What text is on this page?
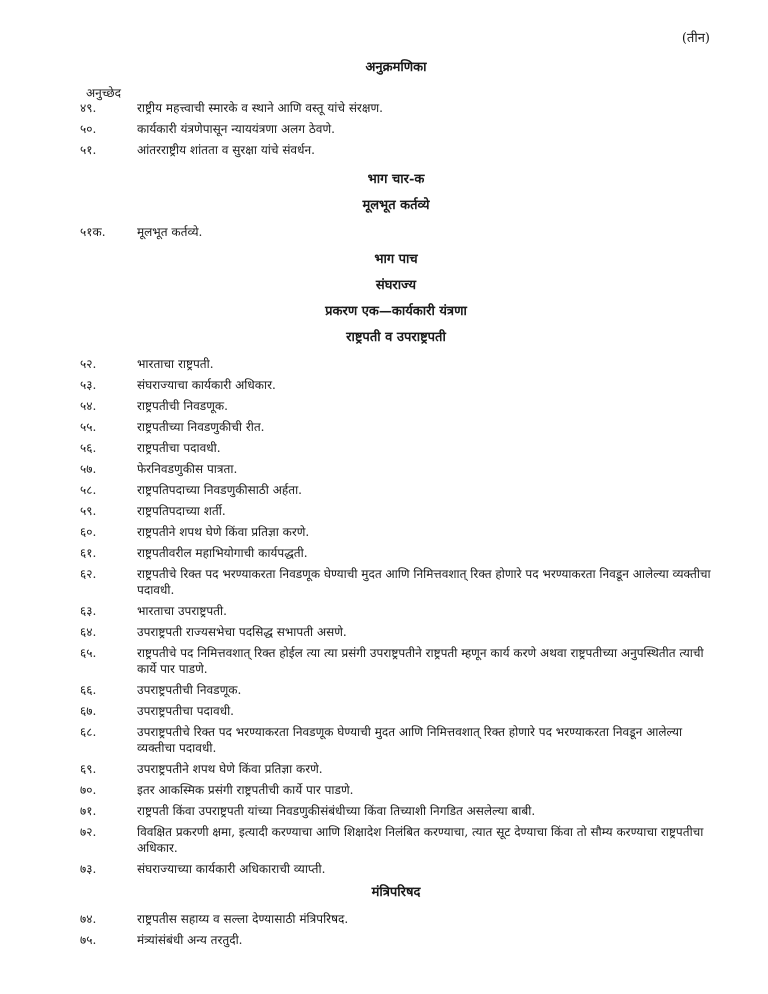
(तीन)

अनुक्रमणिका

अनुच्छेद
४९.	राष्ट्रीय महत्त्वाची स्मारके व स्थाने आणि वस्तू यांचे संरक्षण.
५०.	कार्यकारी यंत्रणेपासून न्याययंत्रणा अलग ठेवणे.
५१.	आंतरराष्ट्रीय शांतता व सुरक्षा यांचे संवर्धन.

भाग चार-क

मूलभूत कर्तव्ये

५१क.	मूलभूत कर्तव्ये.

भाग पाच

संघराज्य

प्रकरण एक—कार्यकारी यंत्रणा

राष्ट्रपती व उपराष्ट्रपती

५२.	भारताचा राष्ट्रपती.
५३.	संघराज्याचा कार्यकारी अधिकार.
५४.	राष्ट्रपतीची निवडणूक.
५५.	राष्ट्रपतीच्या निवडणुकीची रीत.
५६.	राष्ट्रपतीचा पदावधी.
५७.	फेरनिवडणुकीस पात्रता.
५८.	राष्ट्रपतिपदाच्या निवडणुकीसाठी अर्हता.
५९.	राष्ट्रपतिपदाच्या शर्ती.
६०.	राष्ट्रपतीने शपथ घेणे किंवा प्रतिज्ञा करणे.
६१.	राष्ट्रपतीवरील महाभियोगाची कार्यपद्धती.
६२.	राष्ट्रपतीचे रिक्त पद भरण्याकरता निवडणूक घेण्याची मुदत आणि निमित्तवशात् रिक्त होणारे पद भरण्याकरता निवडून आलेल्या व्यक्तीचा पदावधी.
६३.	भारताचा उपराष्ट्रपती.
६४.	उपराष्ट्रपती राज्यसभेचा पदसिद्ध सभापती असणे.
६५.	राष्ट्रपतीचे पद निमित्तवशात् रिक्त होईल त्या त्या प्रसंगी उपराष्ट्रपतीने राष्ट्रपती म्हणून कार्य करणे अथवा राष्ट्रपतीच्या अनुपस्थितीत त्याची कार्ये पार पाडणे.
६६.	उपराष्ट्रपतीची निवडणूक.
६७.	उपराष्ट्रपतीचा पदावधी.
६८.	उपराष्ट्रपतीचे रिक्त पद भरण्याकरता निवडणूक घेण्याची मुदत आणि निमित्तवशात् रिक्त होणारे पद भरण्याकरता निवडून आलेल्या व्यक्तीचा पदावधी.
६९.	उपराष्ट्रपतीने शपथ घेणे किंवा प्रतिज्ञा करणे.
७०.	इतर आकस्मिक प्रसंगी राष्ट्रपतीची कार्ये पार पाडणे.
७१.	राष्ट्रपती किंवा उपराष्ट्रपती यांच्या निवडणुकीसंबंधीच्या किंवा तिच्याशी निगडित असलेल्या बाबी.
७२.	विवक्षित प्रकरणी क्षमा, इत्यादी करण्याचा आणि शिक्षादेश निलंबित करण्याचा, त्यात सूट देण्याचा किंवा तो सौम्य करण्याचा राष्ट्रपतीचा अधिकार.
७३.	संघराज्याच्या कार्यकारी अधिकाराची व्याप्ती.

मंत्रिपरिषद

७४.	राष्ट्रपतीस सहाय्य व सल्ला देण्यासाठी मंत्रिपरिषद.
७५.	मंत्र्यांसंबंधी अन्य तरतुदी.
